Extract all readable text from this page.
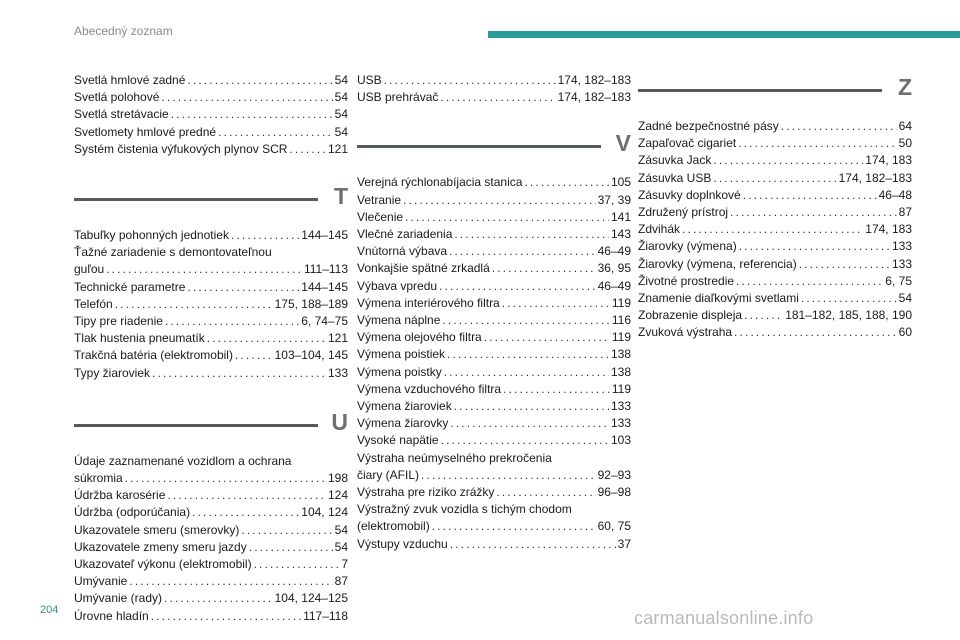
Abecedný zoznam
Svetlá hmlové zadné . . .	54
Svetlá polohové . . .	54
Svetlá stretávacie . . .	54
Svetlomety hmlové predné . . .	54
Systém čistenia výfukových plynov SCR . . .	121
T
Tabuľky pohonných jednotiek . . .	144–145
Ťažné zariadenie s demontovateľnou
guľou . . .	111–113
Technické parametre . . .	144–145
Telefón . . .	175, 188–189
Tipy pre riadenie . . .	6, 74–75
Tlak hustenia pneumatík . . .	121
Trakčná batéria (elektromobil) . . .	103–104, 145
Typy žiaroviek . . .	133
U
Údaje zaznamenané vozidlom a ochrana
súkromia . . .	198
Údržba karosérie . . .	124
Údržba (odporúčania) . . .	104, 124
Ukazovatele smeru (smerovky) . . .	54
Ukazovatele zmeny smeru jazdy . . .	54
Ukazovateľ výkonu (elektromobil) . . .	7
Umývanie . . .	87
Umývanie (rady) . . .	104, 124–125
Úrovne hladín . . .	117–118
USB . . .	174, 182–183
USB prehrávač . . .	174, 182–183
V
Verejná rýchlonabíjacia stanica . . .	105
Vetranie . . .	37, 39
Vlečenie . . .	141
Vlečné zariadenia . . .	143
Vnútorná výbava . . .	46–49
Vonkajšie spätné zrkadlá . . .	36, 95
Výbava vpredu . . .	46–49
Výmena interiérového filtra . . .	119
Výmena náplne . . .	116
Výmena olejového filtra . . .	119
Výmena poistiek . . .	138
Výmena poistky . . .	138
Výmena vzduchového filtra . . .	119
Výmena žiaroviek . . .	133
Výmena žiarovky . . .	133
Vysoké napätie . . .	103
Výstraha neúmyselného prekročenia
čiary (AFIL) . . .	92–93
Výstraha pre riziko zrážky . . .	96–98
Výstražný zvuk vozidla s tichým chodom
(elektromobil) . . .	60, 75
Výstupy vzduchu . . .	37
Z
Zadné bezpečnostné pásy . . .	64
Zapaľovač cigariet . . .	50
Zásuvka Jack . . .	174, 183
Zásuvka USB . . .	174, 182–183
Zásuvky doplnkové . . .	46–48
Združený prístroj . . .	87
Zdvihák . . .	174, 183
Žiarovky (výmena) . . .	133
Žiarovky (výmena, referencia) . . .	133
Životné prostredie . . .	6, 75
Znamenie diaľkovými svetlami . . .	54
Zobrazenie displeja . . .	181–182, 185, 188, 190
Zvuková výstraha . . .	60
204	carmanualsonline.info
